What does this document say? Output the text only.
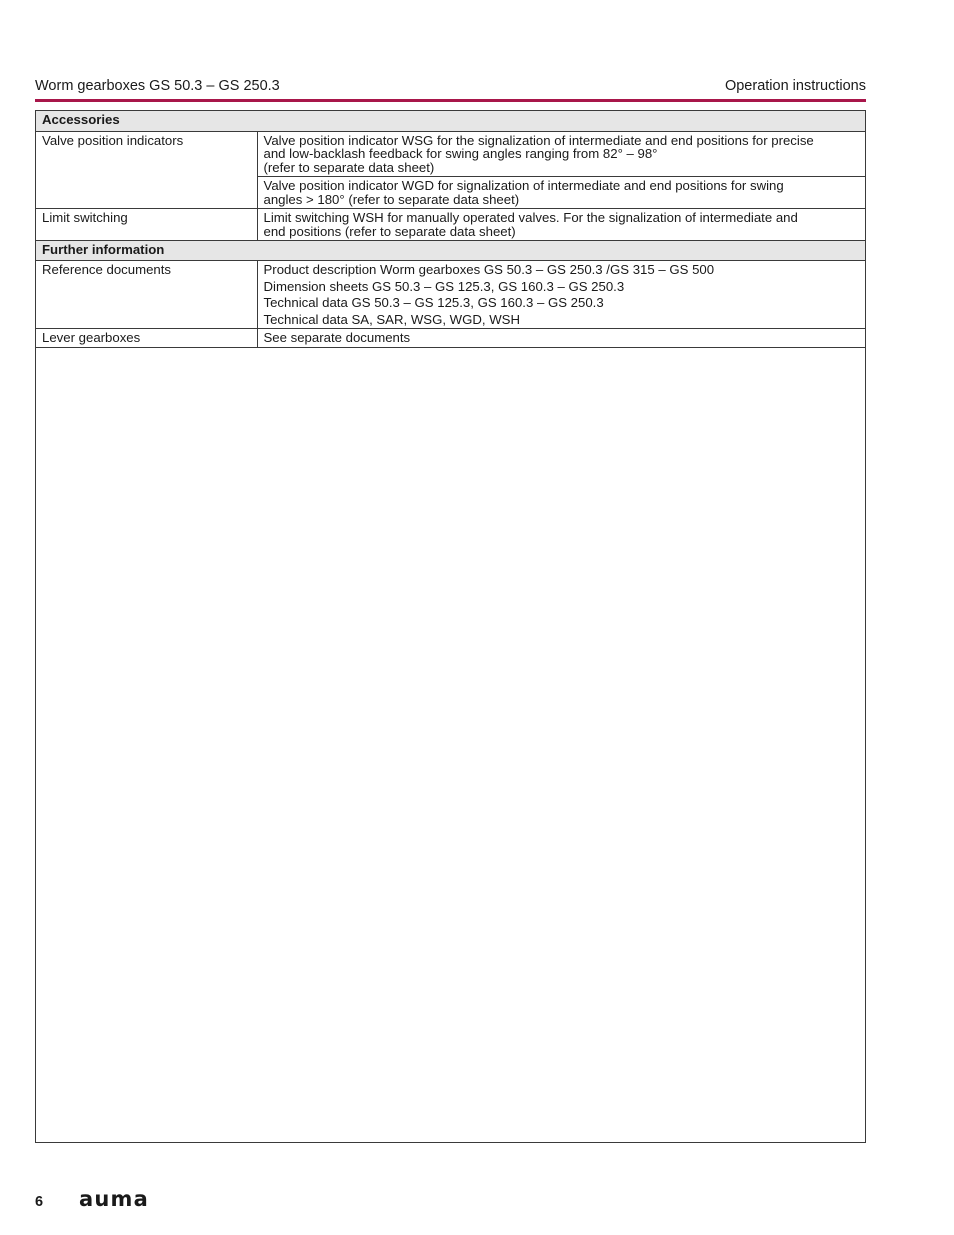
Worm gearboxes GS 50.3 – GS 250.3	Operation instructions
Accessories	
Valve position indicators	Valve position indicator WSG for the signalization of intermediate and end positions for precise
and low-backlash feedback for swing angles ranging from 82° – 98°
(refer to separate data sheet)

	Valve position indicator WGD for signalization of intermediate and end positions for swing
angles > 180° (refer to separate data sheet)

Limit switching	Limit switching WSH for manually operated valves. For the signalization of intermediate and
end positions (refer to separate data sheet)

Further information	
Reference documents	Product description Worm gearboxes GS 50.3 – GS 250.3 /GS 315 – GS 500
Dimension sheets GS 50.3 – GS 125.3, GS 160.3 – GS 250.3
Technical data GS 50.3 – GS 125.3, GS 160.3 – GS 250.3
Technical data SA, SAR, WSG, WGD, WSH

Lever gearboxes	See separate documents
6 auma
